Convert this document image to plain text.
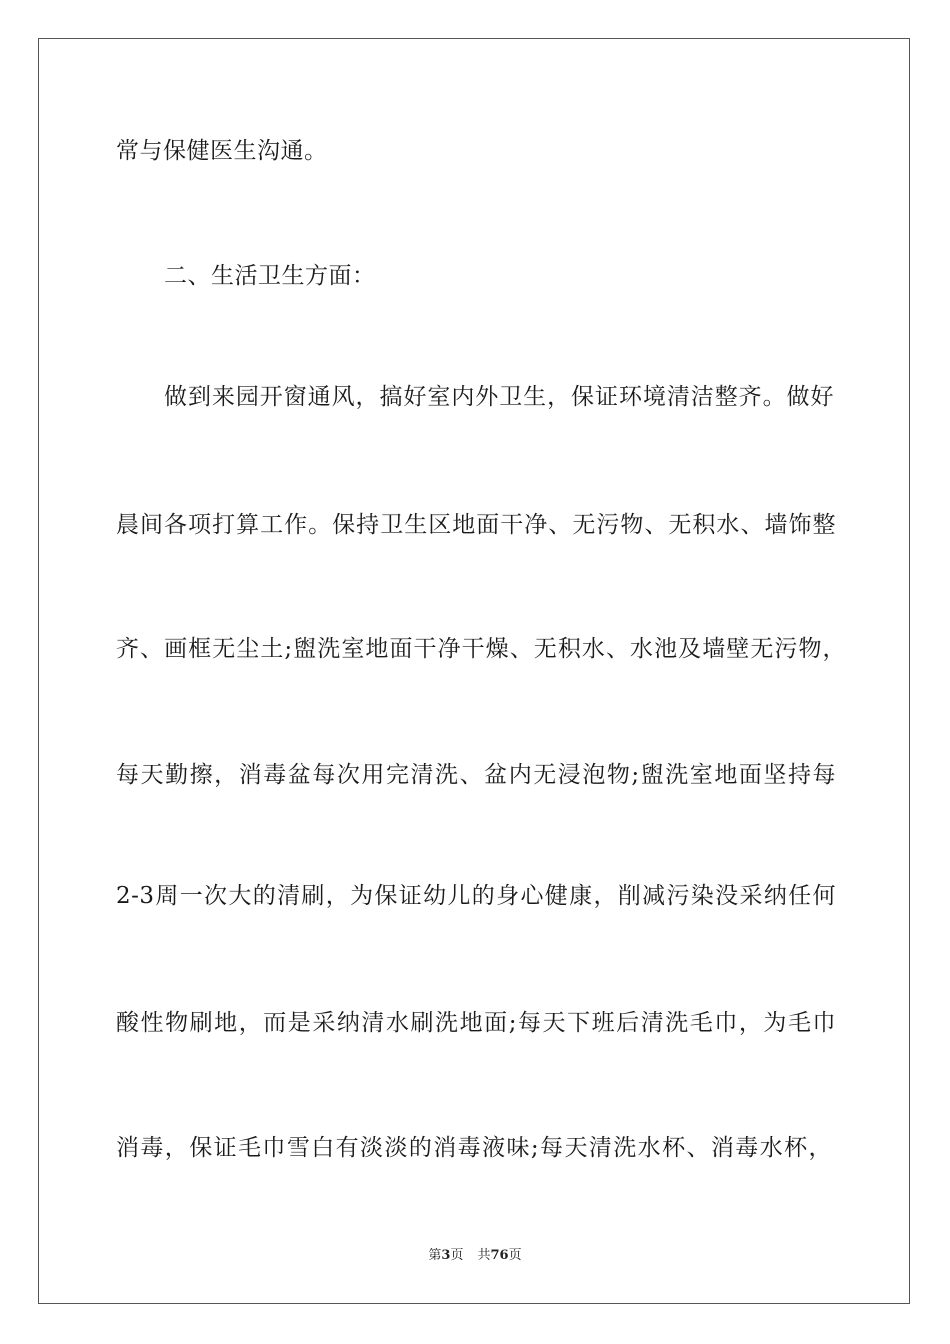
常与保健医生沟通。
二、生活卫生方面：
做到来园开窗通风，搞好室内外卫生，保证环境清洁整齐。做好
晨间各项打算工作。保持卫生区地面干净、无污物、无积水、墙饰整
齐、画框无尘土;盥洗室地面干净干燥、无积水、水池及墙壁无污物，
每天勤擦，消毒盆每次用完清洗、盆内无浸泡物;盥洗室地面坚持每
2-3周一次大的清刷，为保证幼儿的身心健康，削减污染没采纳任何
酸性物刷地，而是采纳清水刷洗地面;每天下班后清洗毛巾，为毛巾
消毒，保证毛巾雪白有淡淡的消毒液味;每天清洗水杯、消毒水杯，
第3页 共76页
